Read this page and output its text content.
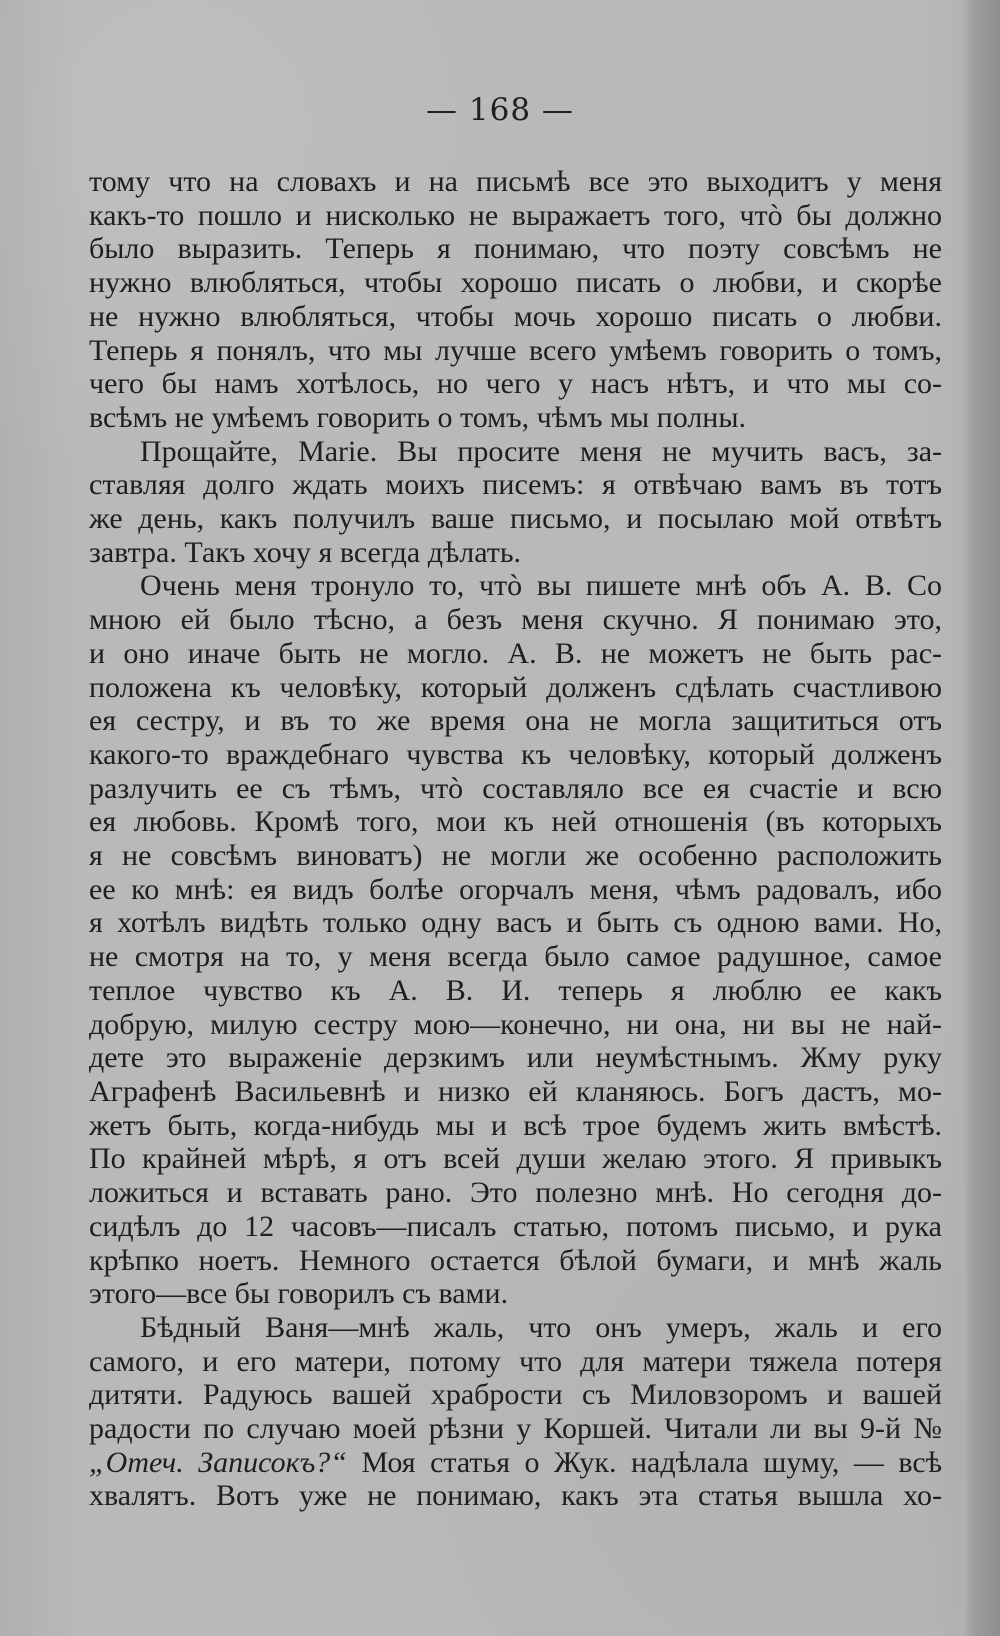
— 168 —
тому что на словахъ и на письмѣ все это выходитъ у меня
какъ-то пошло и нисколько не выражаетъ того, чтò бы должно
было выразить. Теперь я понимаю, что поэту совсѣмъ не
нужно влюбляться, чтобы хорошо писать о любви, и скорѣе
не нужно влюбляться, чтобы мочь хорошо писать о любви.
Теперь я понялъ, что мы лучше всего умѣемъ говорить о томъ,
чего бы намъ хотѣлось, но чего у насъ нѣтъ, и что мы со-
всѣмъ не умѣемъ говорить о томъ, чѣмъ мы полны.
Прощайте, Marie. Вы просите меня не мучить васъ, за-
ставляя долго ждать моихъ писемъ: я отвѣчаю вамъ въ тотъ
же день, какъ получилъ ваше письмо, и посылаю мой отвѣтъ
завтра. Такъ хочу я всегда дѣлать.
Очень меня тронуло то, чтò вы пишете мнѣ объ А. В. Со
мною ей было тѣсно, а безъ меня скучно. Я понимаю это,
и оно иначе быть не могло. А. В. не можетъ не быть рас-
положена къ человѣку, который долженъ сдѣлать счастливою
ея сестру, и въ то же время она не могла защититься отъ
какого-то враждебнаго чувства къ человѣку, который долженъ
разлучить ее съ тѣмъ, чтò составляло все ея счастіе и всю
ея любовь. Кромѣ того, мои къ ней отношенія (въ которыхъ
я не совсѣмъ виноватъ) не могли же особенно расположить
ее ко мнѣ: ея видъ болѣе огорчалъ меня, чѣмъ радовалъ, ибо
я хотѣлъ видѣть только одну васъ и быть съ одною вами. Но,
не смотря на то, у меня всегда было самое радушное, самое
теплое чувство къ А. В. И. теперь я люблю ее какъ
добрую, милую сестру мою—конечно, ни она, ни вы не най-
дете это выраженіе дерзкимъ или неумѣстнымъ. Жму руку
Аграфенѣ Васильевнѣ и низко ей кланяюсь. Богъ дастъ, мо-
жетъ быть, когда-нибудь мы и всѣ трое будемъ жить вмѣстѣ.
По крайней мѣрѣ, я отъ всей души желаю этого. Я привыкъ
ложиться и вставать рано. Это полезно мнѣ. Но сегодня до-
сидѣлъ до 12 часовъ—писалъ статью, потомъ письмо, и рука
крѣпко ноетъ. Немного остается бѣлой бумаги, и мнѣ жаль
этого—все бы говорилъ съ вами.
Бѣдный Ваня—мнѣ жаль, что онъ умеръ, жаль и его
самого, и его матери, потому что для матери тяжела потеря
дитяти. Радуюсь вашей храбрости съ Миловзоромъ и вашей
радости по случаю моей рѣзни у Коршей. Читали ли вы 9-й №
„Отеч. Записокъ?“ Моя статья о Жук. надѣлала шуму, — всѣ
хвалятъ. Вотъ уже не понимаю, какъ эта статья вышла хо-
